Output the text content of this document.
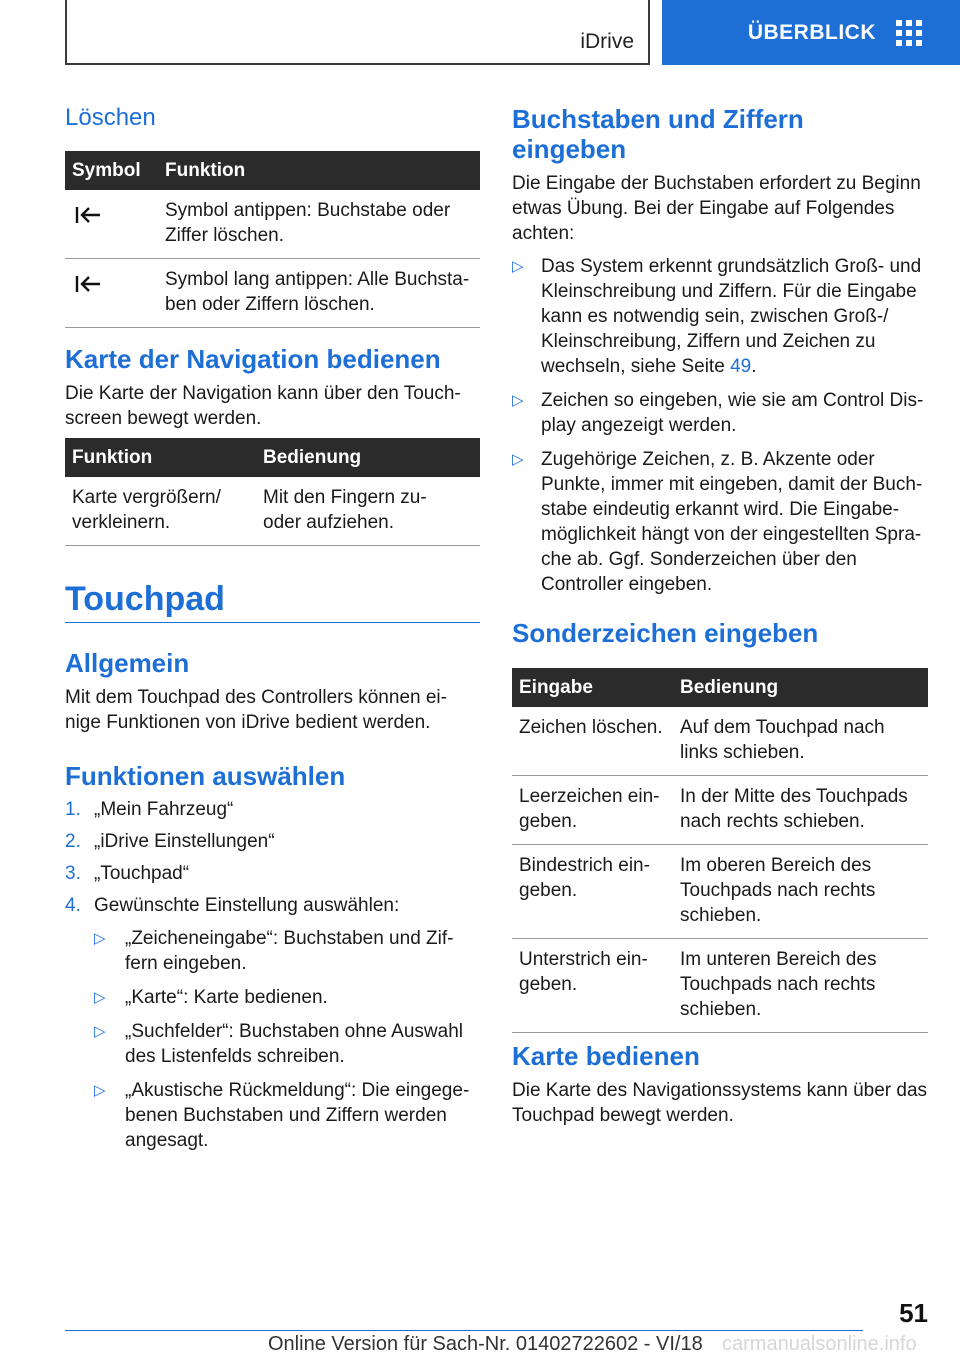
iDrive	ÜBERBLICK
Löschen
Symbol	Funktion
	Symbol antippen: Buchstabe oder Ziffer löschen.
	Symbol lang antippen: Alle Buchsta‐ ben oder Ziffern löschen.
Karte der Navigation bedienen

Die Karte der Navigation kann über den Touch‐ screen bewegt werden.

Funktion	Bedienung
Karte vergrößern/ verkleinern.	Mit den Fingern zu- oder aufziehen.
Touchpad
Allgemein

Mit dem Touchpad des Controllers können ei‐ nige Funktionen von iDrive bedient werden.

Funktionen auswählen
1. „Mein Fahrzeug“
2. „iDrive Einstellungen“
3. „Touchpad“
4. Gewünschte Einstellung auswählen:
▷ „Zeicheneingabe“: Buchstaben und Zif‐ fern eingeben.
▷ „Karte“: Karte bedienen.
▷ „Suchfelder“: Buchstaben ohne Auswahl des Listenfelds schreiben.
▷ „Akustische Rückmeldung“: Die eingege‐ benen Buchstaben und Ziffern werden angesagt.
Buchstaben und Ziffern eingeben

Die Eingabe der Buchstaben erfordert zu Beginn etwas Übung. Bei der Eingabe auf Folgendes achten:

▷ Das System erkennt grundsätzlich Groß- und Kleinschreibung und Ziffern. Für die Eingabe kann es notwendig sein, zwischen Groß-/ Kleinschreibung, Ziffern und Zeichen zu wechseln, siehe Seite 49.
▷ Zeichen so eingeben, wie sie am Control Dis‐ play angezeigt werden.
▷ Zugehörige Zeichen, z. B. Akzente oder Punkte, immer mit eingeben, damit der Buch‐ stabe eindeutig erkannt wird. Die Eingabe‐ möglichkeit hängt von der eingestellten Spra‐ che ab. Ggf. Sonderzeichen über den Controller eingeben.
Sonderzeichen eingeben
Eingabe	Bedienung
Zeichen löschen.	Auf dem Touchpad nach links schieben.
Leerzeichen ein‐ geben.	In der Mitte des Touchpads nach rechts schieben.
Bindestrich ein‐ geben.	Im oberen Bereich des Touchpads nach rechts schieben.
Unterstrich ein‐ geben.	Im unteren Bereich des Touchpads nach rechts schieben.
Karte bedienen

Die Karte des Navigationssystems kann über das Touchpad bewegt werden.

51
Online Version für Sach-Nr. 01402722602 - VI/18 carmanualsonline.info
